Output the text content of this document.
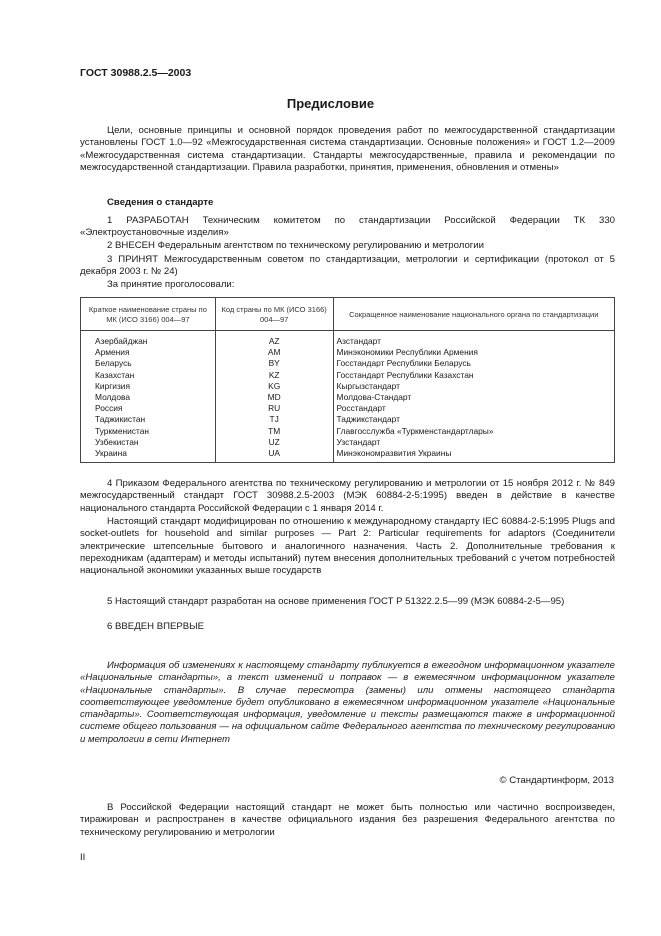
ГОСТ 30988.2.5—2003
Предисловие

Цели, основные принципы и основной порядок проведения работ по межгосударственной стандартизации установлены ГОСТ 1.0—92 «Межгосударственная система стандартизации. Основные положения» и ГОСТ 1.2—2009 «Межгосударственная система стандартизации. Стандарты межгосударственные, правила и рекомендации по межгосударственной стандартизации. Правила разработки, принятия, применения, обновления и отмены»

Сведения о стандарте

1 РАЗРАБОТАН Техническим комитетом по стандартизации Российской Федерации ТК 330 «Электроустановочные изделия»

2 ВНЕСЕН Федеральным агентством по техническому регулированию и метрологии

3 ПРИНЯТ Межгосударственным советом по стандартизации, метрологии и сертификации (протокол от 5 декабря 2003 г. № 24)

За принятие проголосовали:

Краткое наименование страны по МК (ИСО 3166) 004—97	Код страны по МК (ИСО 3166) 004—97	Сокращенное наименование национального органа по стандартизации
Азербайджан	AZ	Азстандарт
Армения	AM	Минэкономики Республики Армения
Беларусь	BY	Госстандарт Республики Беларусь
Казахстан	KZ	Госстандарт Республики Казахстан
Киргизия	KG	Кыргызстандарт
Молдова	MD	Молдова-Стандарт
Россия	RU	Росстандарт
Таджикистан	TJ	Таджикстандарт
Туркменистан	TM	Главгосслужба «Туркменстандартлары»
Узбекистан	UZ	Узстандарт
Украина	UA	Минэкономразвития Украины

4 Приказом Федерального агентства по техническому регулированию и метрологии от 15 ноября 2012 г. № 849 межгосударственный стандарт ГОСТ 30988.2.5-2003 (МЭК 60884-2-5:1995) введен в действие в качестве национального стандарта Российской Федерации с 1 января 2014 г.

Настоящий стандарт модифицирован по отношению к международному стандарту IEC 60884-2-5:1995 Plugs and socket-outlets for household and similar purposes — Part 2: Particular requirements for adaptors (Соединители электрические штепсельные бытового и аналогичного назначения. Часть 2. Дополнительные требования к переходникам (адаптерам) и методы испытаний) путем внесения дополнительных требований с учетом потребностей национальной экономики указанных выше государств

5 Настоящий стандарт разработан на основе применения ГОСТ Р 51322.2.5—99 (МЭК 60884-2-5—95)

6 ВВЕДЕН ВПЕРВЫЕ

Информация об изменениях к настоящему стандарту публикуется в ежегодном информационном указателе «Национальные стандарты», а текст изменений и поправок — в ежемесячном информационном указателе «Национальные стандарты». В случае пересмотра (замены) или отмены настоящего стандарта соответствующее уведомление будет опубликовано в ежемесячном информационном указателе «Национальные стандарты». Соответствующая информация, уведомление и тексты размещаются также в информационной системе общего пользования — на официальном сайте Федерального агентства по техническому регулированию и метрологии в сети Интернет

© Стандартинформ, 2013

В Российской Федерации настоящий стандарт не может быть полностью или частично воспроизведен, тиражирован и распространен в качестве официального издания без разрешения Федерального агентства по техническому регулированию и метрологии

II
